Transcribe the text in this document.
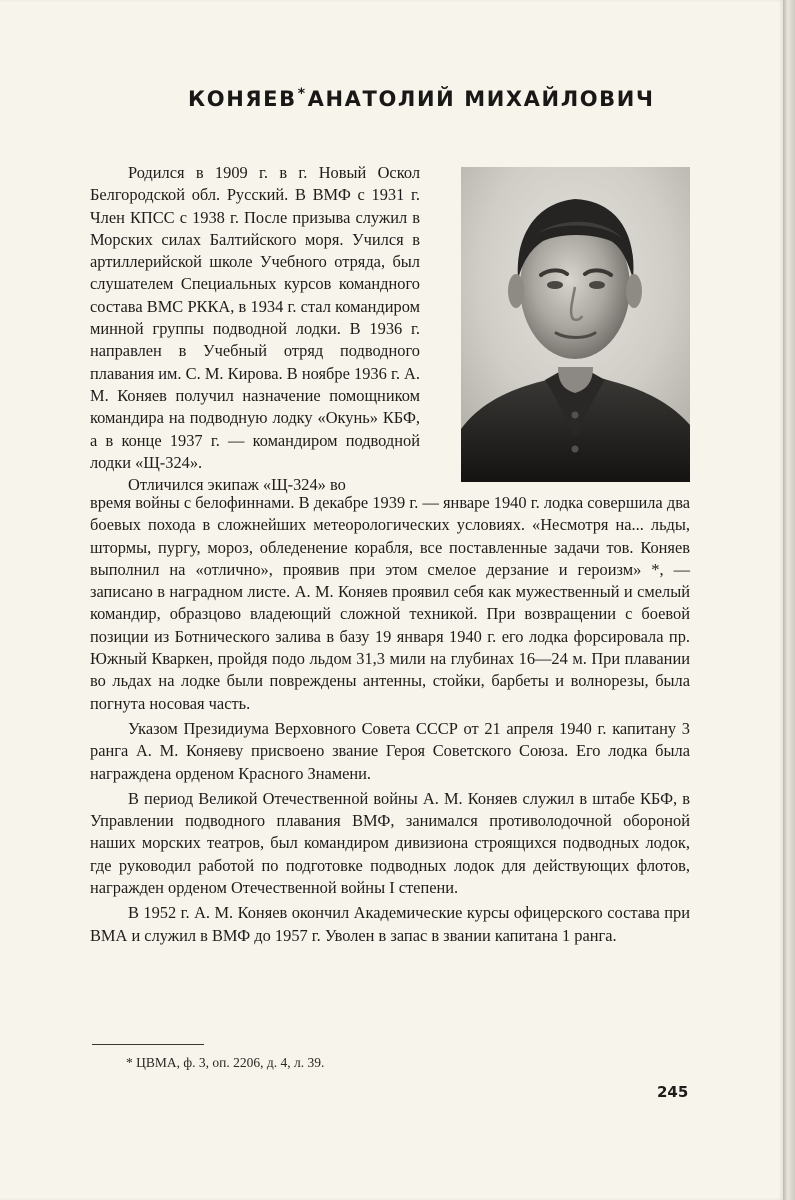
КОНЯЕВ*АНАТОЛИЙ МИХАЙЛОВИЧ

Родился в 1909 г. в г. Новый Оскол Белгородской обл. Русский. В ВМФ с 1931 г. Член КПСС с 1938 г. После призыва служил в Морских силах Балтийского моря. Учился в артиллерийской школе Учебного отряда, был слушателем Специальных курсов командного состава ВМС РККА, в 1934 г. стал командиром минной группы подводной лодки. В 1936 г. направлен в Учебный отряд подводного плавания им. С. М. Кирова. В ноябре 1936 г. А. М. Коняев получил назначение помощником командира на подводную лодку «Окунь» КБФ, а в конце 1937 г. — командиром подводной лодки «Щ-324».

Отличился экипаж «Щ-324» во

время войны с белофиннами. В декабре 1939 г. — январе 1940 г. лодка совершила два боевых похода в сложнейших метеорологических условиях. «Несмотря на... льды, штормы, пургу, мороз, обледенение корабля, все поставленные задачи тов. Коняев выполнил на «отлично», проявив при этом смелое дерзание и героизм» *, — записано в наградном листе. А. М. Коняев проявил себя как мужественный и смелый командир, образцово владеющий сложной техникой. При возвращении с боевой позиции из Ботнического залива в базу 19 января 1940 г. его лодка форсировала пр. Южный Кваркен, пройдя подо льдом 31,3 мили на глубинах 16—24 м. При плавании во льдах на лодке были повреждены антенны, стойки, барбеты и волнорезы, была погнута носовая часть.

Указом Президиума Верховного Совета СССР от 21 апреля 1940 г. капитану 3 ранга А. М. Коняеву присвоено звание Героя Советского Союза. Его лодка была награждена орденом Красного Знамени.

В период Великой Отечественной войны А. М. Коняев служил в штабе КБФ, в Управлении подводного плавания ВМФ, занимался противолодочной обороной наших морских театров, был командиром дивизиона строящихся подводных лодок, где руководил работой по подготовке подводных лодок для действующих флотов, награжден орденом Отечественной войны I степени.

В 1952 г. А. М. Коняев окончил Академические курсы офицерского состава при ВМА и служил в ВМФ до 1957 г. Уволен в запас в звании капитана 1 ранга.

* ЦВМА, ф. 3, оп. 2206, д. 4, л. 39.
245
